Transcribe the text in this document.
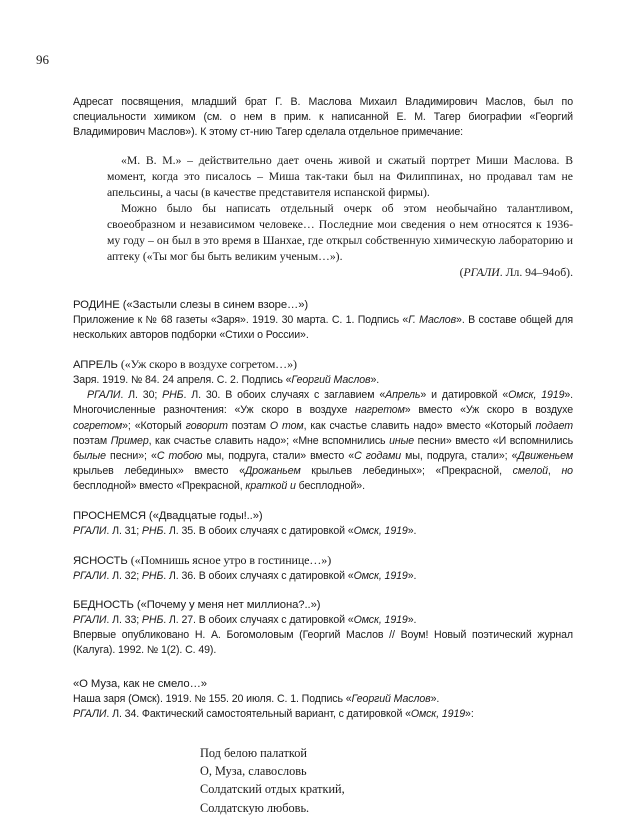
96

Адресат посвящения, младший брат Г. В. Маслова Михаил Владимирович Маслов, был по специальности химиком (см. о нем в прим. к написанной Е. М. Тагер биографии «Георгий Владимирович Маслов»). К этому ст-нию Тагер сделала отдельное примечание:

«М. В. М.» – действительно дает очень живой и сжатый портрет Миши Маслова. В момент, когда это писалось – Миша так-таки был на Филиппинах, но продавал там не апельсины, а часы (в качестве представителя испанской фирмы).

Можно было бы написать отдельный очерк об этом необычайно талантливом, своеобразном и независимом человеке… Последние мои сведения о нем относятся к 1936-му году – он был в это время в Шанхае, где открыл собственную химическую лабораторию и аптеку («Ты мог бы быть великим ученым…»).

(РГАЛИ. Лл. 94–94об).

РОДИНЕ («Застыли слезы в синем взоре…»)

Приложение к № 68 газеты «Заря». 1919. 30 марта. С. 1. Подпись «Г. Маслов». В составе общей для нескольких авторов подборки «Стихи о России».

АПРЕЛЬ («Уж скоро в воздухе согретом…»)

Заря. 1919. № 84. 24 апреля. С. 2. Подпись «Георгий Маслов».

РГАЛИ. Л. 30; РНБ. Л. 30. В обоих случаях с заглавием «Апрель» и датировкой «Омск, 1919». Многочисленные разночтения: «Уж скоро в воздухе нагретом» вместо «Уж скоро в воздухе согретом»; «Который говорит поэтам О том, как счастье славить надо» вместо «Который подает поэтам Пример, как счастье славить надо»; «Мне вспомнились иные песни» вместо «И вспомнились былые песни»; «С тобою мы, подруга, стали» вместо «С годами мы, подруга, стали»; «Движеньем крыльев лебединых» вместо «Дрожаньем крыльев лебединых»; «Прекрасной, смелой, но бесплодной» вместо «Прекрасной, краткой и бесплодной».

ПРОСНЕМСЯ («Двадцатые годы!..»)

РГАЛИ. Л. 31; РНБ. Л. 35. В обоих случаях с датировкой «Омск, 1919».

ЯСНОСТЬ («Помнишь ясное утро в гостинице…»)

РГАЛИ. Л. 32; РНБ. Л. 36. В обоих случаях с датировкой «Омск, 1919».

БЕДНОСТЬ («Почему у меня нет миллиона?..»)

РГАЛИ. Л. 33; РНБ. Л. 27. В обоих случаях с датировкой «Омск, 1919».

Впервые опубликовано Н. А. Богомоловым (Георгий Маслов // Воум! Новый поэтический журнал (Калуга). 1992. № 1(2). С. 49).

«О Муза, как не смело…»

Наша заря (Омск). 1919. № 155. 20 июля. С. 1. Подпись «Георгий Маслов».

РГАЛИ. Л. 34. Фактический самостоятельный вариант, с датировкой «Омск, 1919»:

Под белою палаткой

О, Муза, славословь

Солдатский отдых краткий,

Солдатскую любовь.
